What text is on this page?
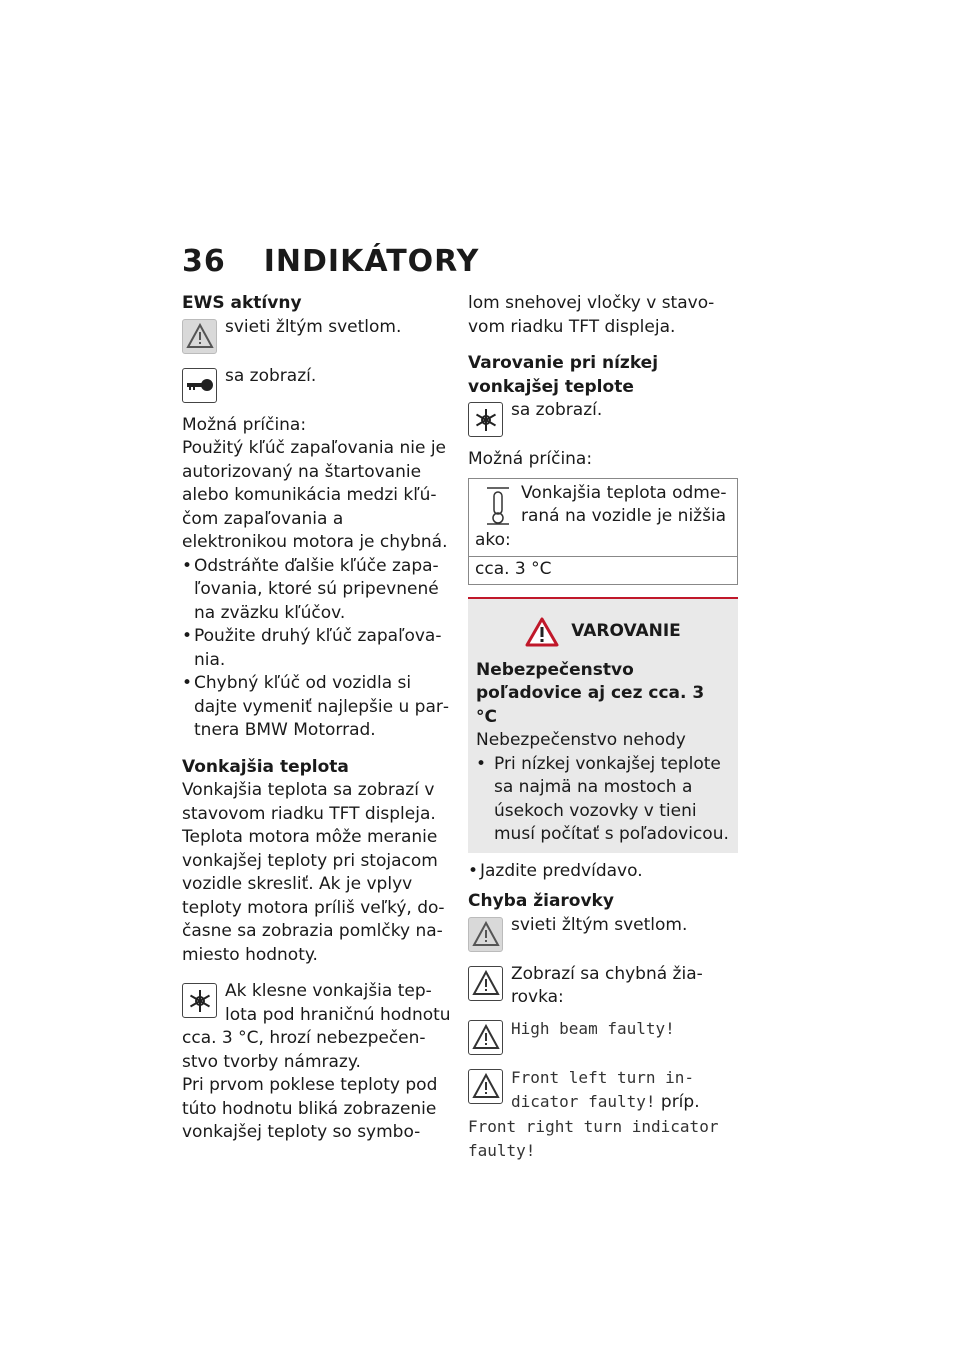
36 INDIKÁTORY

EWS aktívny

svieti žltým svetlom.

sa zobrazí.

Možná príčina:

Použitý kľúč zapaľovania nie je autorizovaný na štartovanie alebo komunikácia medzi kľúčom zapaľovania a elektronikou motora je chybná.

• Odstráňte ďalšie kľúče zapaľovania, ktoré sú pripevnené na zväzku kľúčov.
• Použite druhý kľúč zapaľovania.
• Chybný kľúč od vozidla si dajte vymeniť najlepšie u partnera BMW Motorrad.

Vonkajšia teplota

Vonkajšia teplota sa zobrazí v stavovom riadku TFT displeja. Teplota motora môže meranie vonkajšej teploty pri stojacom vozidle skresliť. Ak je vplyv teploty motora príliš veľký, dočasne sa zobrazia pomlčky namiesto hodnoty.

Ak klesne vonkajšia teplota pod hraničnú hodnotu cca. 3 °C, hrozí nebezpečenstvo tvorby námrazy.

Pri prvom poklese teploty pod túto hodnotu bliká zobrazenie vonkajšej teploty so symbo-

lom snehovej vločky v stavovom riadku TFT displeja.

Varovanie pri nízkej vonkajšej teplote

sa zobrazí.

Možná príčina:

Vonkajšia teplota odmeraná na vozidle je nižšia ako:
cca. 3 °C
VAROVANIE

Nebezpečenstvo poľadovice aj cez cca. 3 °C

Nebezpečenstvo nehody

• Pri nízkej vonkajšej teplote sa najmä na mostoch a úsekoch vozovky v tieni musí počítať s poľadovicou.
• Jazdite predvídavo.

Chyba žiarovky

svieti žltým svetlom.

Zobrazí sa chybná žiarovka:

High beam faulty!

Front left turn indicator faulty! príp. Front right turn indicator faulty!
